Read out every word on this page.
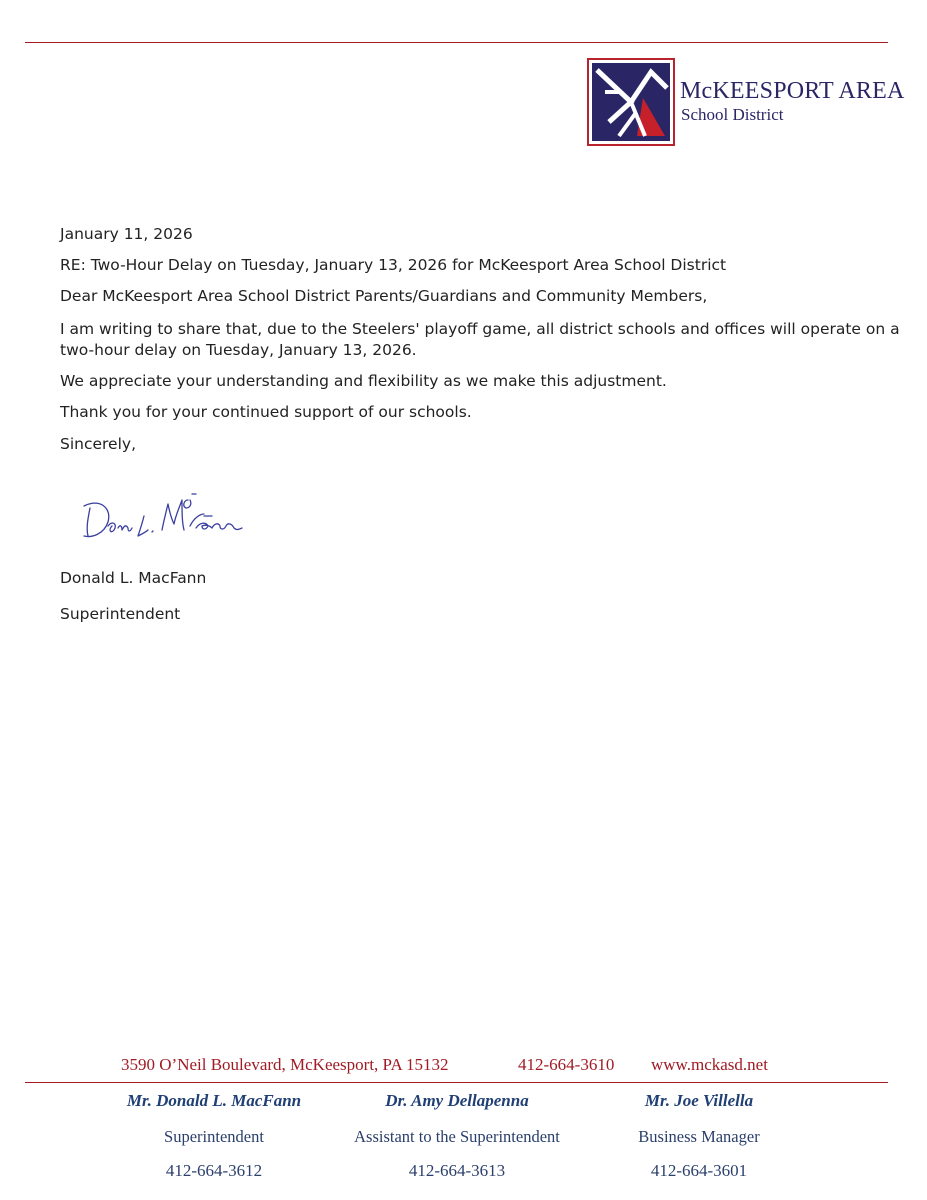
McKEESPORT AREA
School District
January 11, 2026
RE: Two-Hour Delay on Tuesday, January 13, 2026 for McKeesport Area School District
Dear McKeesport Area School District Parents/Guardians and Community Members,
I am writing to share that, due to the Steelers' playoff game, all district schools and offices will operate on a
two-hour delay on Tuesday, January 13, 2026.
We appreciate your understanding and flexibility as we make this adjustment.
Thank you for your continued support of our schools.
Sincerely,
Donald L. MacFann
Superintendent
3590 O’Neil Boulevard, McKeesport, PA 15132	412-664-3610 www.mckasd.net
Mr. Donald L. MacFann
Superintendent
412-664-3612
Dr. Amy Dellapenna
Assistant to the Superintendent
412-664-3613
Mr. Joe Villella
Business Manager
412-664-3601
